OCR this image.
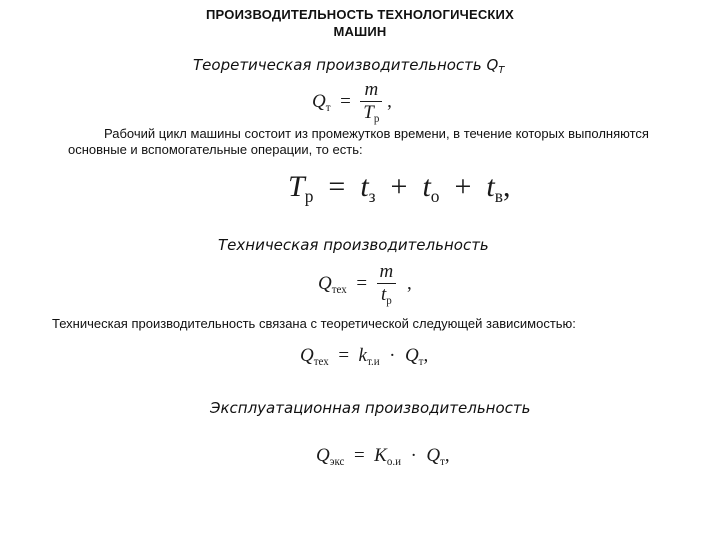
ПРОИЗВОДИТЕЛЬНОСТЬ ТЕХНОЛОГИЧЕСКИХ
МАШИН
Теоретическая производительность QТ
$Q_т = \frac{m}{T_p}$ ,
Рабочий цикл машины состоит из промежутков времени, в течение которых выполняются
основные и вспомогательные операции, то есть:
$T_р = t_з + t_о + t_в$,
Техническая производительность
$Q_{тех} = \frac{m}{t_р}$ ,
Техническая производительность связана с теоретической следующей зависимостью:
$Q_{тех} = k_{т.и} \cdot Q_т$,
Эксплуатационная производительность
$Q_{экс} = K_{о.и} \cdot Q_т$,
